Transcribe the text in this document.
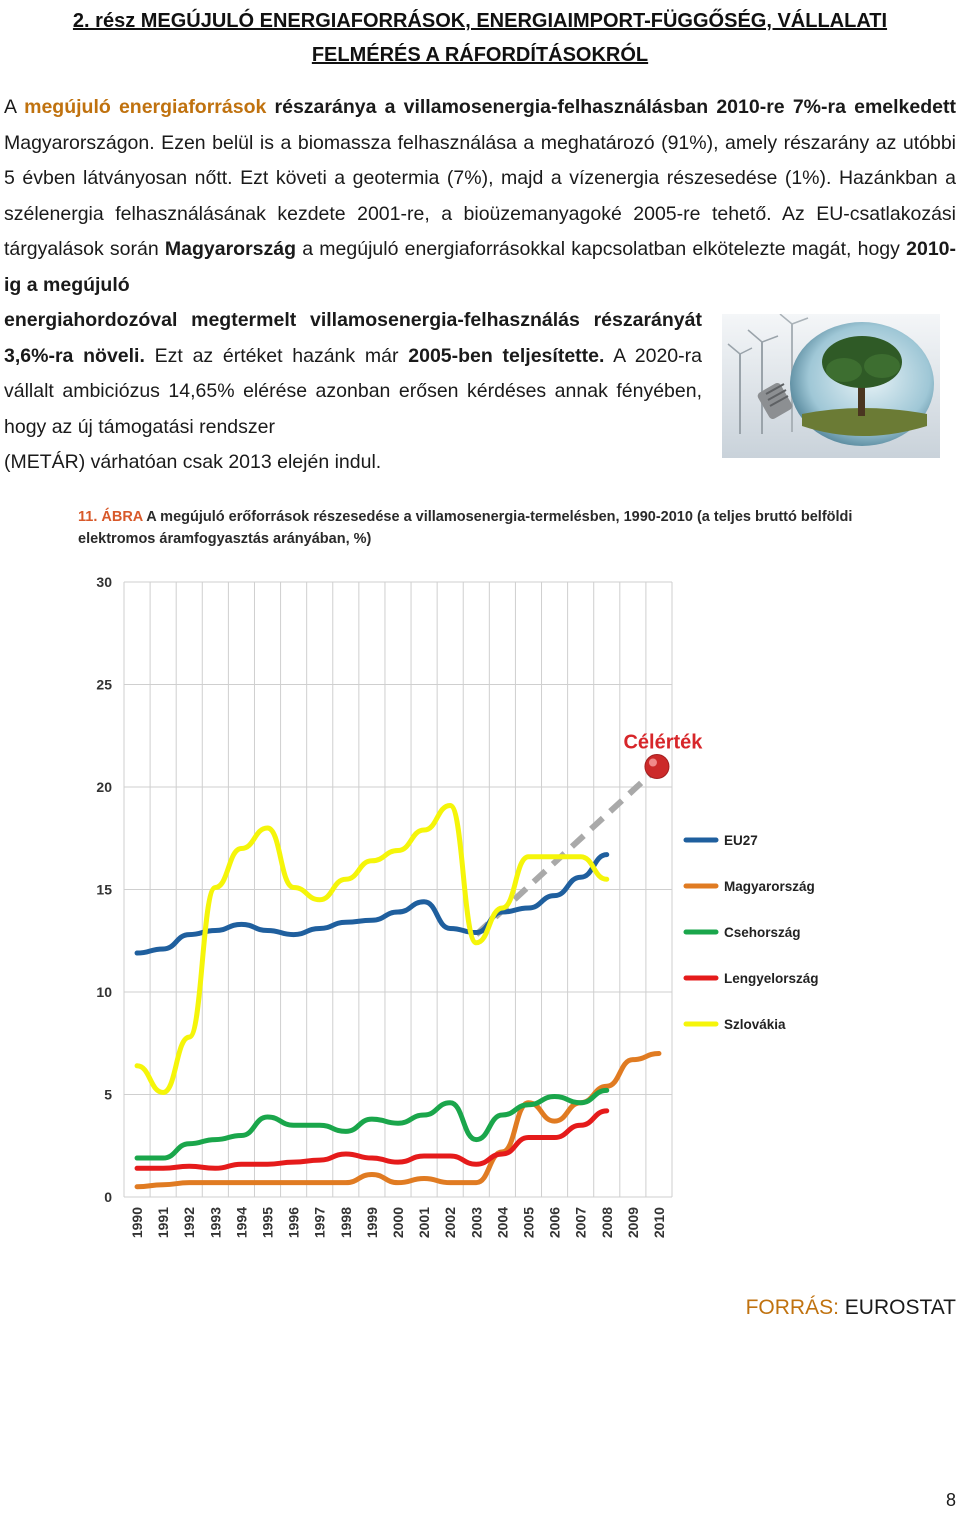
2. rész MEGÚJULÓ ENERGIAFORRÁSOK, ENERGIAIMPORT-FÜGGŐSÉG, VÁLLALATI
FELMÉRÉS A RÁFORDÍTÁSOKRÓL
A megújuló energiaforrások részaránya a villamosenergia-felhasználásban 2010-re 7%-ra emelkedett Magyarországon. Ezen belül is a biomassza felhasználása a meghatározó (91%), amely részarány az utóbbi 5 évben látványosan nőtt. Ezt követi a geotermia (7%), majd a vízenergia részesedése (1%). Hazánkban a szélenergia felhasználásának kezdete 2001-re, a bioüzemanyagoké 2005-re tehető. Az EU-csatlakozási tárgyalások során Magyarország a megújuló energiaforrásokkal kapcsolatban elkötelezte magát, hogy 2010-ig a megújuló
energiahordozóval megtermelt villamosenergia-felhasználás részarányát 3,6%-ra növeli. Ezt az értéket hazánk már 2005-ben teljesítette. A 2020-ra vállalt ambiciózus 14,65% elérése azonban erősen kérdéses annak fényében, hogy az új támogatási rendszer
(METÁR) várhatóan csak 2013 elején indul.
11. ÁBRA A megújuló erőforrások részesedése a villamosenergia-termelésben, 1990-2010 (a teljes bruttó belföldi elektromos áramfogyasztás arányában, %)
0
5
10
15
20
25
30
1990 1991 1992 1993 1994 1995 1996 1997 1998 1999 2000 2001 2002 2003 2004 2005 2006 2007 2008 2009 2010
Célérték
EU27
Magyarország
Csehország
Lengyelország
Szlovákia
FORRÁS: EUROSTAT
8
